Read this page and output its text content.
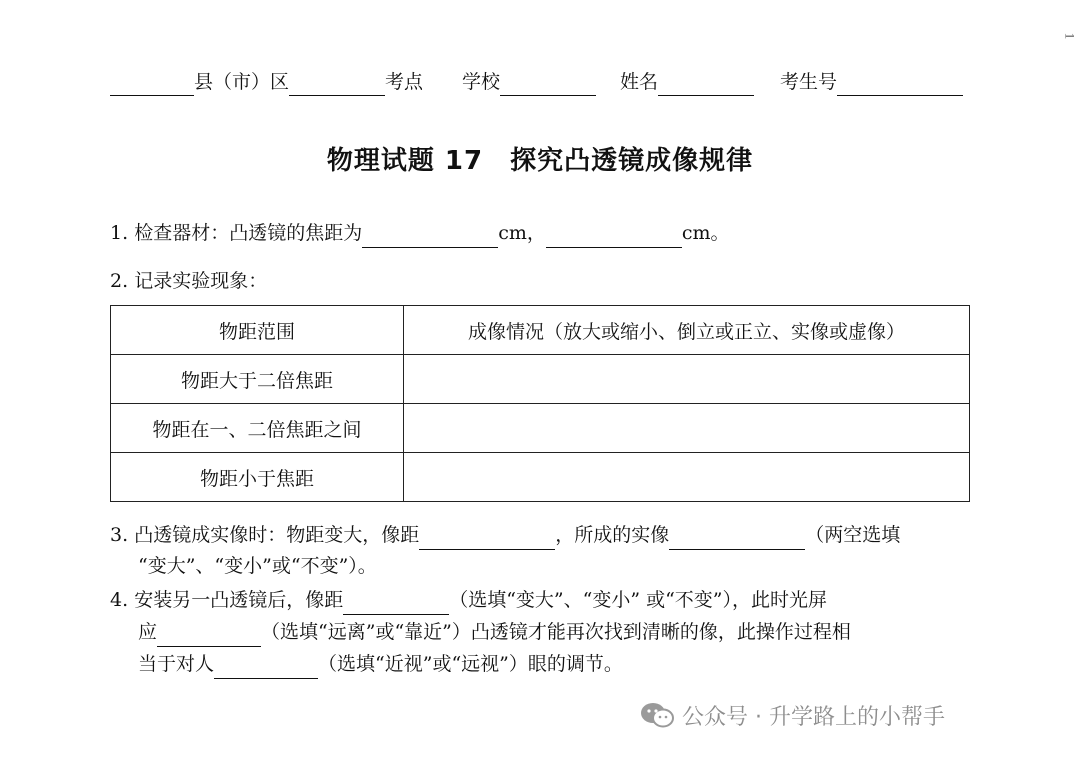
1
县（市）区	考点 学校	姓名	考生号
物理试题 17　探究凸透镜成像规律
1. 检查器材：凸透镜的焦距为	cm，	cm。
2. 记录实验现象：
物距范围	成像情况（放大或缩小、倒立或正立、实像或虚像）
物距大于二倍焦距	
物距在一、二倍焦距之间	
物距小于焦距	
3. 凸透镜成实像时：物距变大，像距	，所成的实像	（两空选填
“变大”、“变小”或“不变”）。
4. 安装另一凸透镜后，像距	（选填“变大”、“变小” 或“不变”），此时光屏
应	（选填“远离”或“靠近”）凸透镜才能再次找到清晰的像，此操作过程相
当于对人	（选填“近视”或“远视”）眼的调节。
公众号 · 升学路上的小帮手
